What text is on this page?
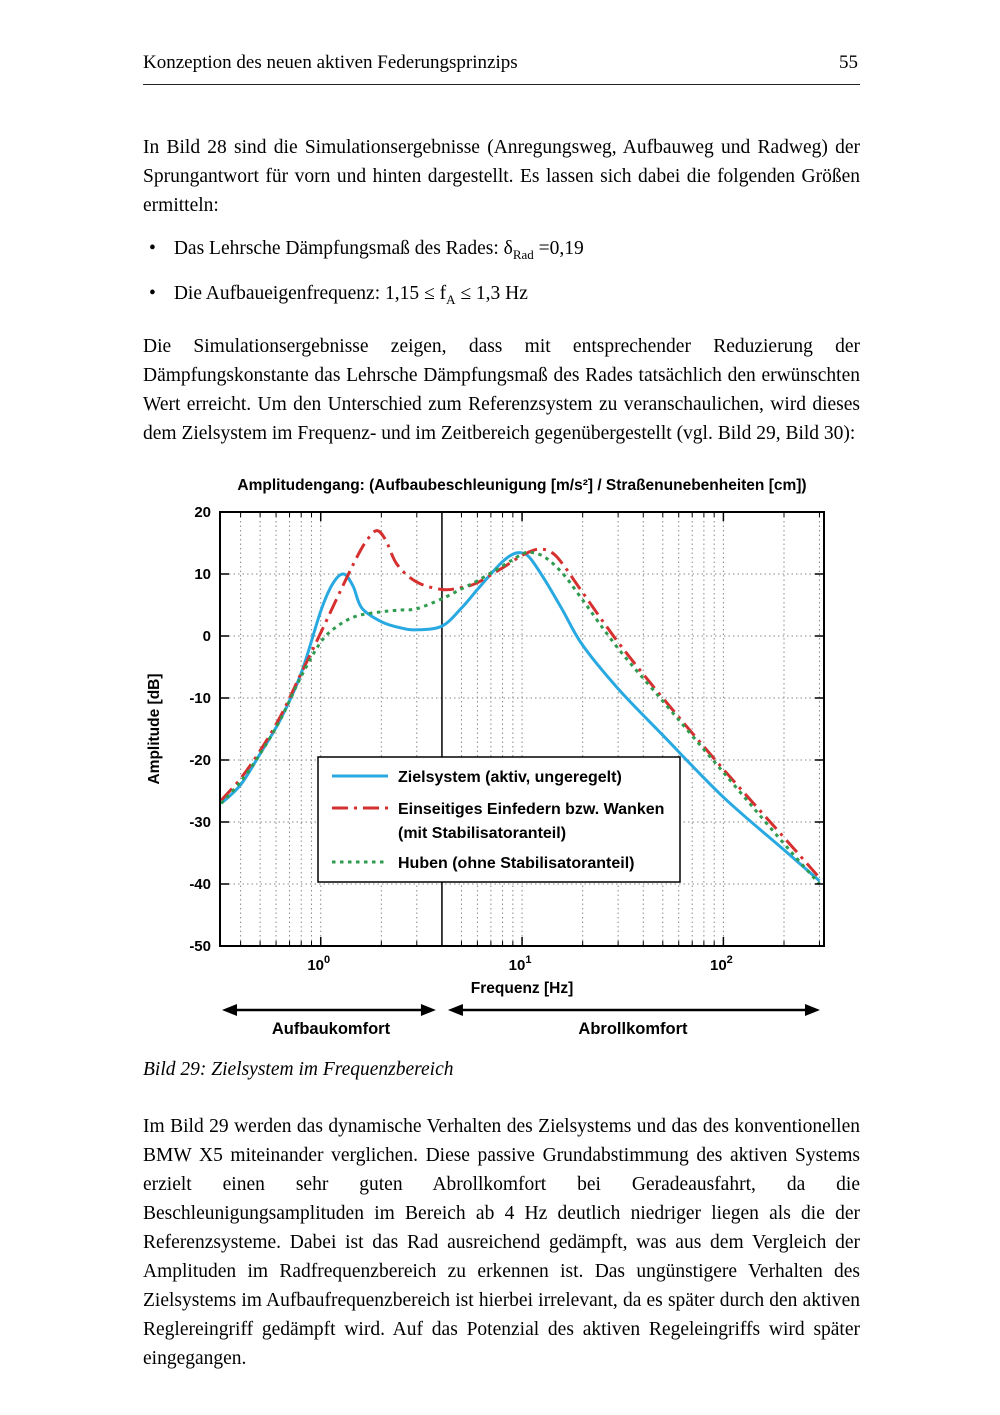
Konzeption des neuen aktiven Federungsprinzips	55

In Bild 28 sind die Simulationsergebnisse (Anregungsweg, Aufbauweg und Radweg) der Sprungantwort für vorn und hinten dargestellt. Es lassen sich dabei die folgenden Größen ermitteln:

• Das Lehrsche Dämpfungsmaß des Rades: $\delta_{Rad} =0,19$
• Die Aufbaueigenfrequenz: $1,15 \le f_A \le 1,3$ Hz

Die Simulationsergebnisse zeigen, dass mit entsprechender Reduzierung der Dämpfungskonstante das Lehrsche Dämpfungsmaß des Rades tatsächlich den erwünschten Wert erreicht. Um den Unterschied zum Referenzsystem zu veranschaulichen, wird dieses dem Zielsystem im Frequenz- und im Zeitbereich gegenübergestellt (vgl. Bild 29, Bild 30):

Amplitudengang: (Aufbaubeschleunigung [m/s²] / Straßenunebenheiten [cm])
20
10
0
-10
-20
-30
-40
-50
$10^0$	$10^1$	$10^2$
Frequenz [Hz]
Amplitude [dB]	Zielsystem (aktiv, ungeregelt)
Einseitiges Einfedern bzw. Wanken
(mit Stabilisatoranteil)
Huben (ohne Stabilisatoranteil)
Aufbaukomfort	Abrollkomfort
Bild 29: Zielsystem im Frequenzbereich

Im Bild 29 werden das dynamische Verhalten des Zielsystems und das des konventionellen BMW X5 miteinander verglichen. Diese passive Grundabstimmung des aktiven Systems erzielt einen sehr guten Abrollkomfort bei Geradeausfahrt, da die Beschleunigungsamplituden im Bereich ab 4 Hz deutlich niedriger liegen als die der Referenzsysteme. Dabei ist das Rad ausreichend gedämpft, was aus dem Vergleich der Amplituden im Radfrequenzbereich zu erkennen ist. Das ungünstigere Verhalten des Zielsystems im Aufbaufrequenzbereich ist hierbei irrelevant, da es später durch den aktiven Reglereingriff gedämpft wird. Auf das Potenzial des aktiven Regeleingriffs wird später eingegangen.
